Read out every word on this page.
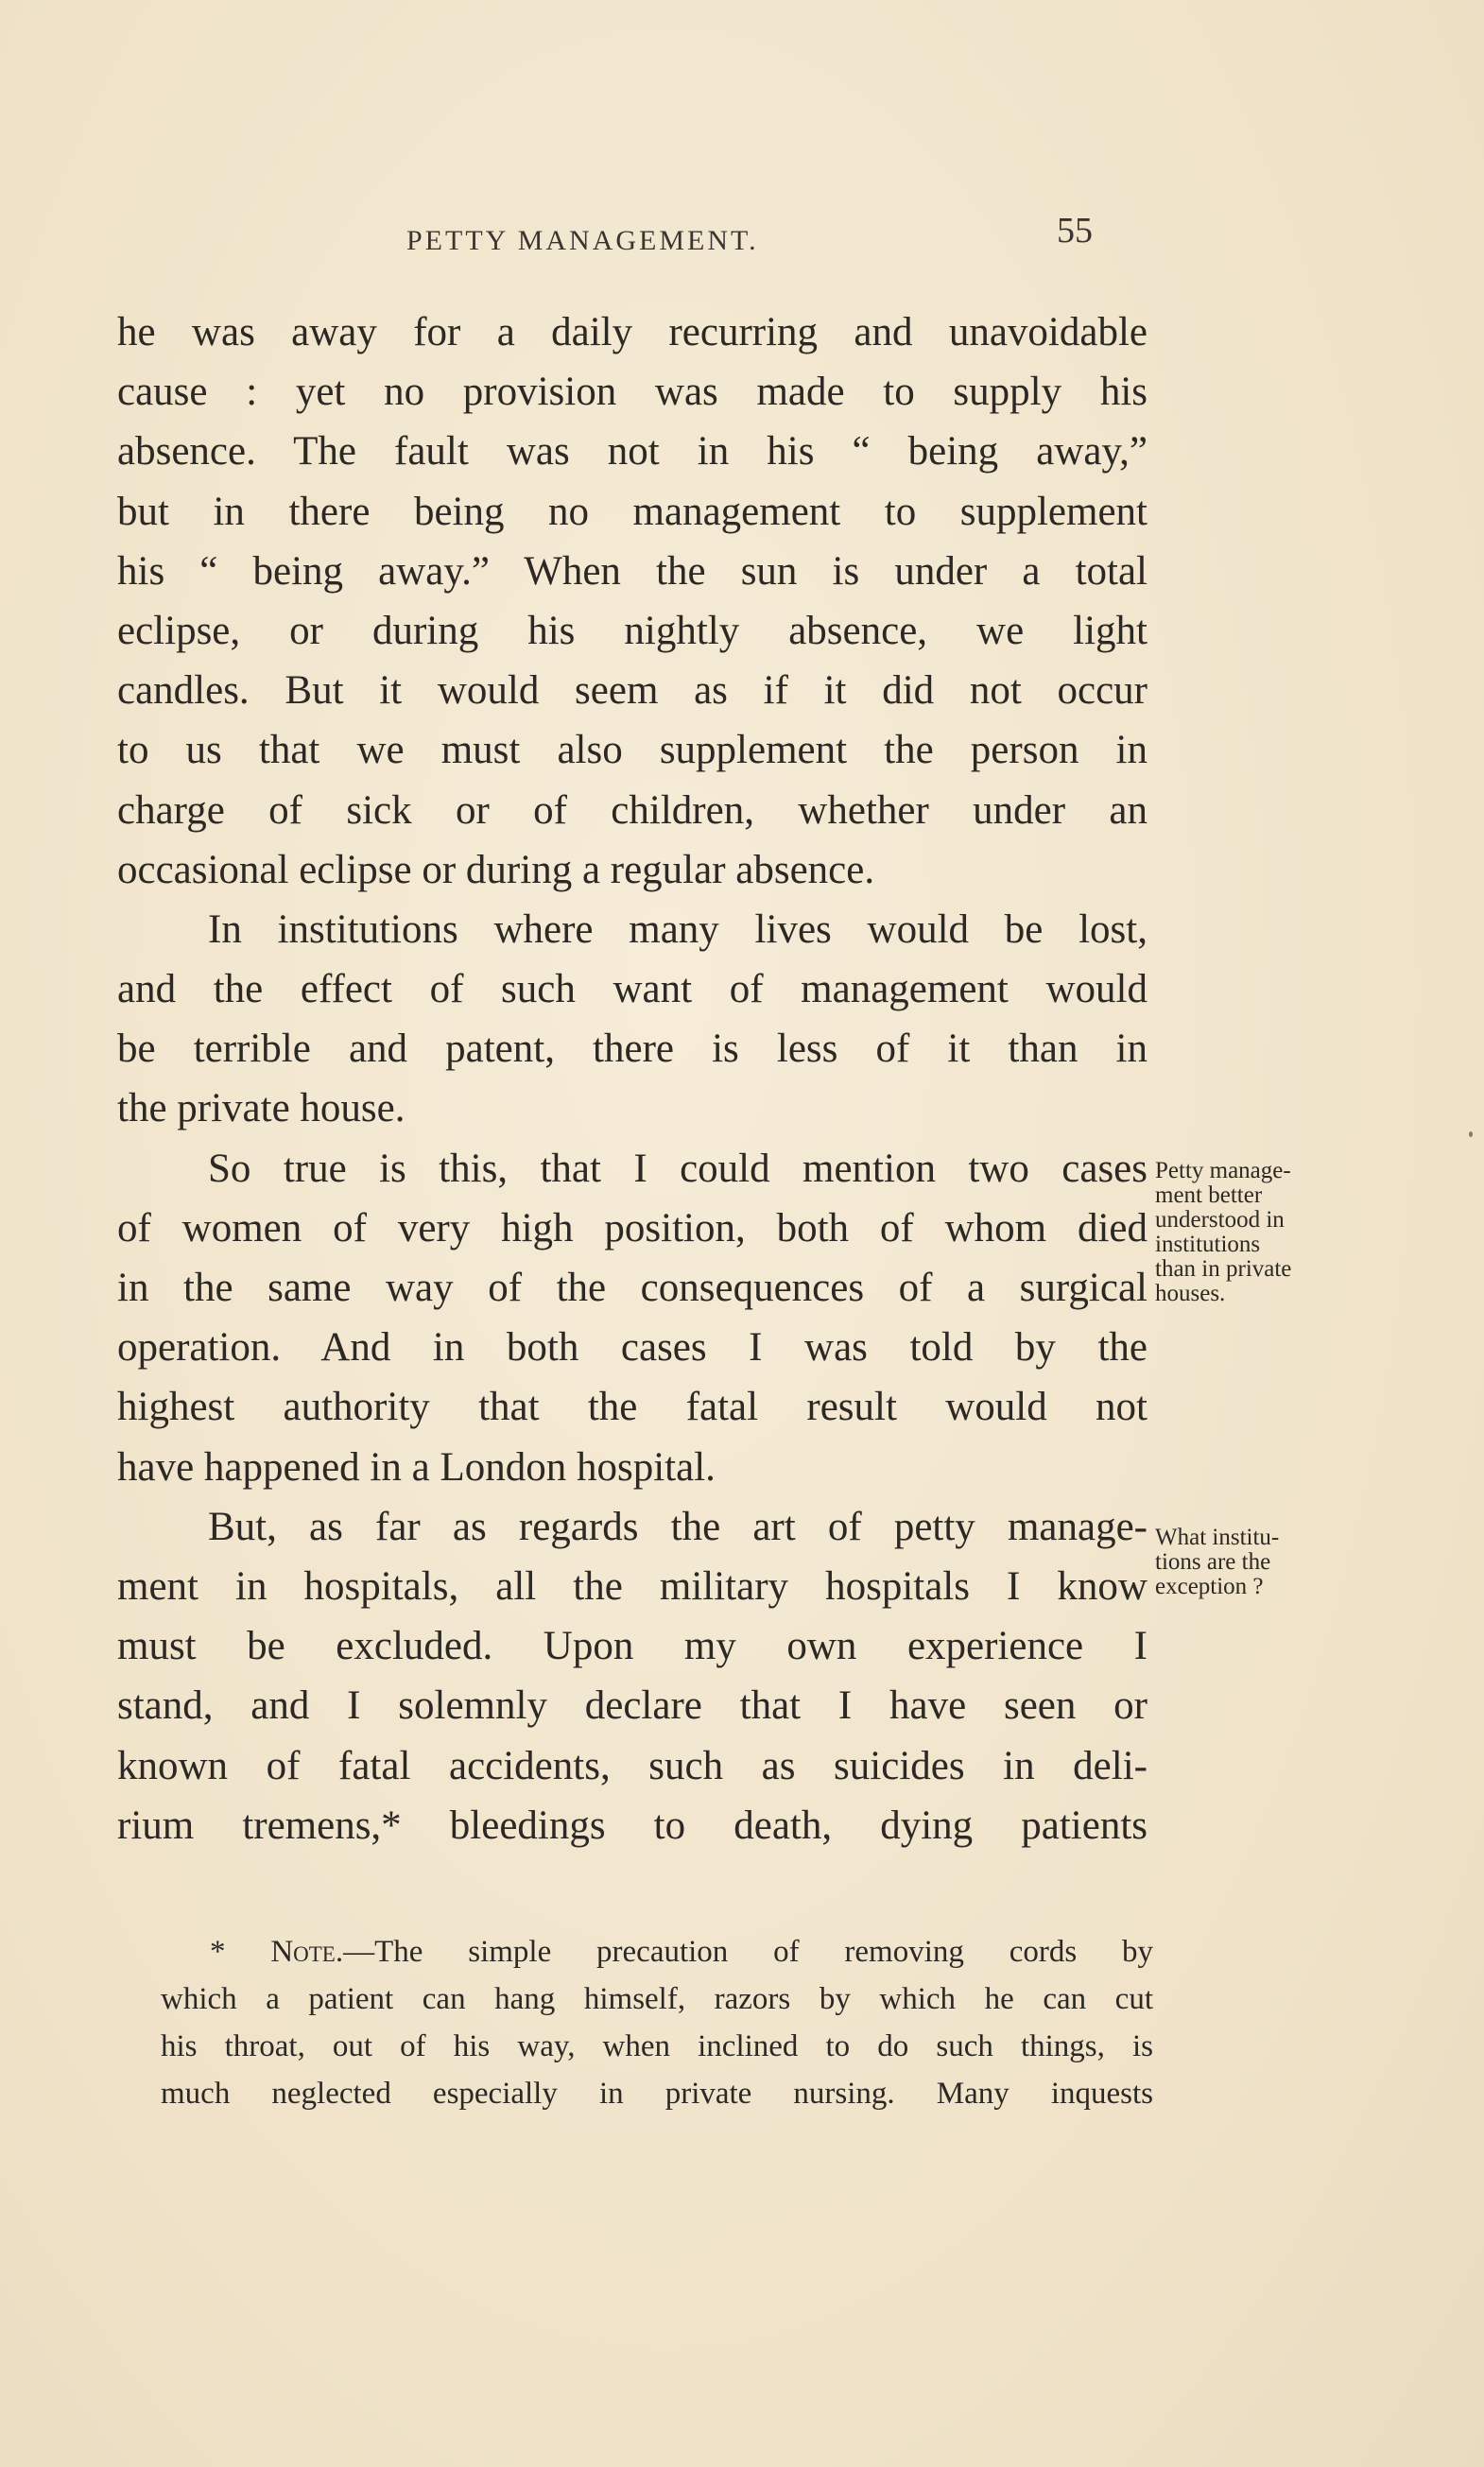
PETTY MANAGEMENT.	55
he was away for a daily recurring and unavoidable
cause : yet no provision was made to supply his
absence. The fault was not in his “ being away,”
but in there being no management to supplement
his “ being away.” When the sun is under a total
eclipse, or during his nightly absence, we light
candles. But it would seem as if it did not occur
to us that we must also supplement the person in
charge of sick or of children, whether under an
occasional eclipse or during a regular absence.
In institutions where many lives would be lost,
and the effect of such want of management would
be terrible and patent, there is less of it than in
the private house.
So true is this, that I could mention two cases
of women of very high position, both of whom died
in the same way of the consequences of a surgical
operation. And in both cases I was told by the
highest authority that the fatal result would not
have happened in a London hospital.
But, as far as regards the art of petty manage-
ment in hospitals, all the military hospitals I know
must be excluded. Upon my own experience I
stand, and I solemnly declare that I have seen or
known of fatal accidents, such as suicides in deli-
rium tremens,* bleedings to death, dying patients
Petty manage-
ment better
understood in
institutions
than in private
houses.
What institu-
tions are the
exception ?
* Note.—The simple precaution of removing cords by
which a patient can hang himself, razors by which he can cut
his throat, out of his way, when inclined to do such things, is
much neglected especially in private nursing. Many inquests
